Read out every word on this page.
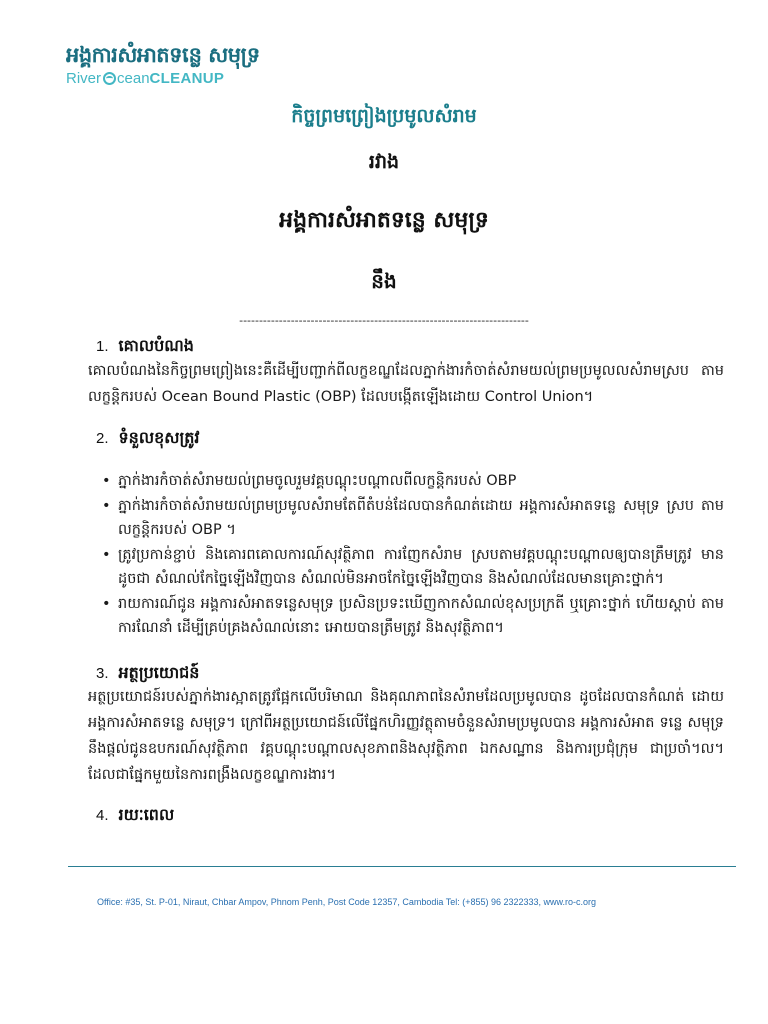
អង្គការសំអាតទន្លេ សមុទ្រ
River ceanCLEANUP
កិច្ចព្រមព្រៀងប្រមូលសំរាម
រវាង
អង្គការសំអាតទន្លេ សមុទ្រ
នឹង
-------------------------------------------------------------------------
1. គោលបំណង
គោលបំណងនៃកិច្ចព្រមព្រៀងនេះគឺដើម្បីបញ្ជាក់ពីលក្ខខណ្ឌដែលភ្នាក់ងារកំចាត់សំរាមយល់ព្រមប្រមូលលសំរាមស្រប តាមលក្ខន្តិករបស់ Ocean Bound Plastic (OBP) ដែលបង្កើតឡើងដោយ Control Union។
2. ទំនួលខុសត្រូវ
• ភ្នាក់ងារកំចាត់សំរាមយល់ព្រមចូលរួមវគ្គបណ្ដុះបណ្ដាលពីលក្ខន្តិករបស់ OBP
• ភ្នាក់ងារកំចាត់សំរាមយល់ព្រមប្រមូលសំរាមតែពីតំបន់ដែលបានកំណត់ដោយ អង្គការសំអាតទន្លេ សមុទ្រ ស្រប តាមលក្ខន្តិករបស់ OBP ។
• ត្រូវប្រកាន់ខ្ជាប់ និងគោរពគោលការណ៍សុវត្ថិភាព ការញែកសំរាម ស្របតាមវគ្គបណ្ដុះបណ្ដាលឲ្យបានត្រឹមត្រូវ មានដូចជា សំណល់កែច្នៃឡើងវិញបាន សំណល់មិនអាចកែច្នៃឡើងវិញបាន និងសំណល់ដែលមានគ្រោះថ្នាក់។
• រាយការណ៍ជូន អង្គការសំអាតទន្លេសមុទ្រ ប្រសិនប្រទះឃើញកាកសំណល់ខុសប្រក្រតី ឬគ្រោះថ្នាក់ ហើយស្ដាប់ តាមការណែនាំ ដើម្បីគ្រប់គ្រងសំណល់នោះ អោយបានត្រឹមត្រូវ និងសុវត្ថិភាព។
3. អត្ថប្រយោជន៍
អត្ថប្រយោជន៍របស់ភ្នាក់ងារស្អាតត្រូវផ្អែកលើបរិមាណ និងគុណភាពនៃសំរាមដែលប្រមូលបាន ដូចដែលបានកំណត់ ដោយ អង្គការសំអាតទន្លេ សមុទ្រ។ ក្រៅពីអត្ថប្រយោជន៍លើផ្នែកហិរញ្ញវត្ថុតាមចំនួនសំរាមប្រមូលបាន អង្គការសំអាត ទន្លេ សមុទ្រ នឹងផ្ដល់ជូនឧបករណ៍សុវត្ថិភាព វគ្គបណ្ដុះបណ្ដាលសុខភាពនិងសុវត្ថិភាព ឯកសណ្ឋាន និងការប្រជុំក្រុម ជាប្រចាំ។ល។ ដែលជាផ្នែកមួយនៃការពង្រឹងលក្ខខណ្ឌការងារ។
4. រយៈពេល
Office: #35, St. P-01, Niraut, Chbar Ampov, Phnom Penh, Post Code 12357, Cambodia Tel: (+855) 96 2322333, www.ro-c.org
